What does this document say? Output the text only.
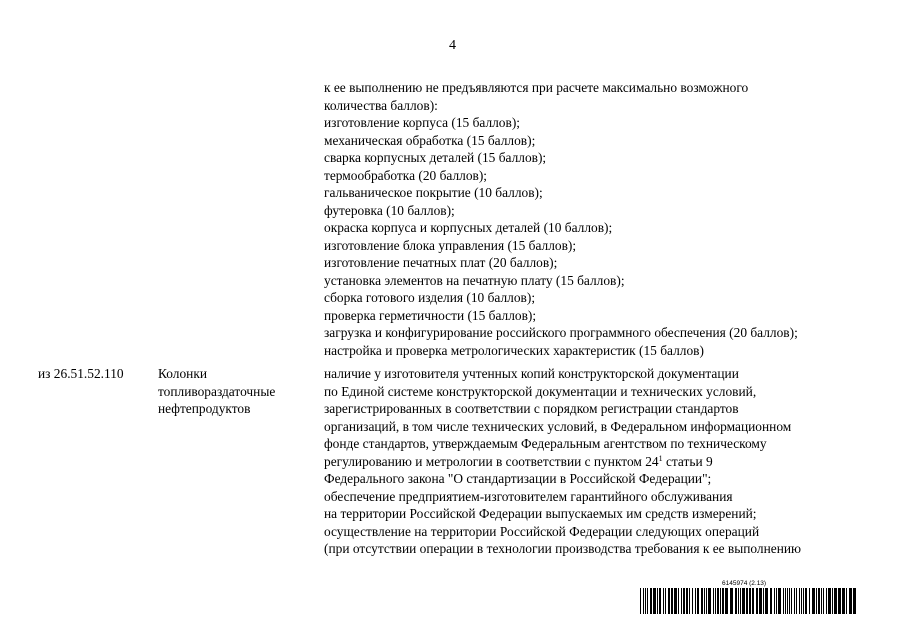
4
к ее выполнению не предъявляются при расчете максимально возможного
количества баллов):
изготовление корпуса (15 баллов);
механическая обработка (15 баллов);
сварка корпусных деталей (15 баллов);
термообработка (20 баллов);
гальваническое покрытие (10 баллов);
футеровка (10 баллов);
окраска корпуса и корпусных деталей (10 баллов);
изготовление блока управления (15 баллов);
изготовление печатных плат (20 баллов);
установка элементов на печатную плату (15 баллов);
сборка готового изделия (10 баллов);
проверка герметичности (15 баллов);
загрузка и конфигурирование российского программного обеспечения (20 баллов);
настройка и проверка метрологических характеристик (15 баллов)
из 26.51.52.110	Колонки
топливораздаточные
нефтепродуктов
наличие у изготовителя учтенных копий конструкторской документации
по Единой системе конструкторской документации и технических условий,
зарегистрированных в соответствии с порядком регистрации стандартов
организаций, в том числе технических условий, в Федеральном информационном
фонде стандартов, утверждаемым Федеральным агентством по техническому
регулированию и метрологии в соответствии с пунктом $24^1$ статьи 9
Федерального закона "О стандартизации в Российской Федерации";
обеспечение предприятием-изготовителем гарантийного обслуживания
на территории Российской Федерации выпускаемых им средств измерений;
осуществление на территории Российской Федерации следующих операций
(при отсутствии операции в технологии производства требования к ее выполнению
6145974 (2.13)
